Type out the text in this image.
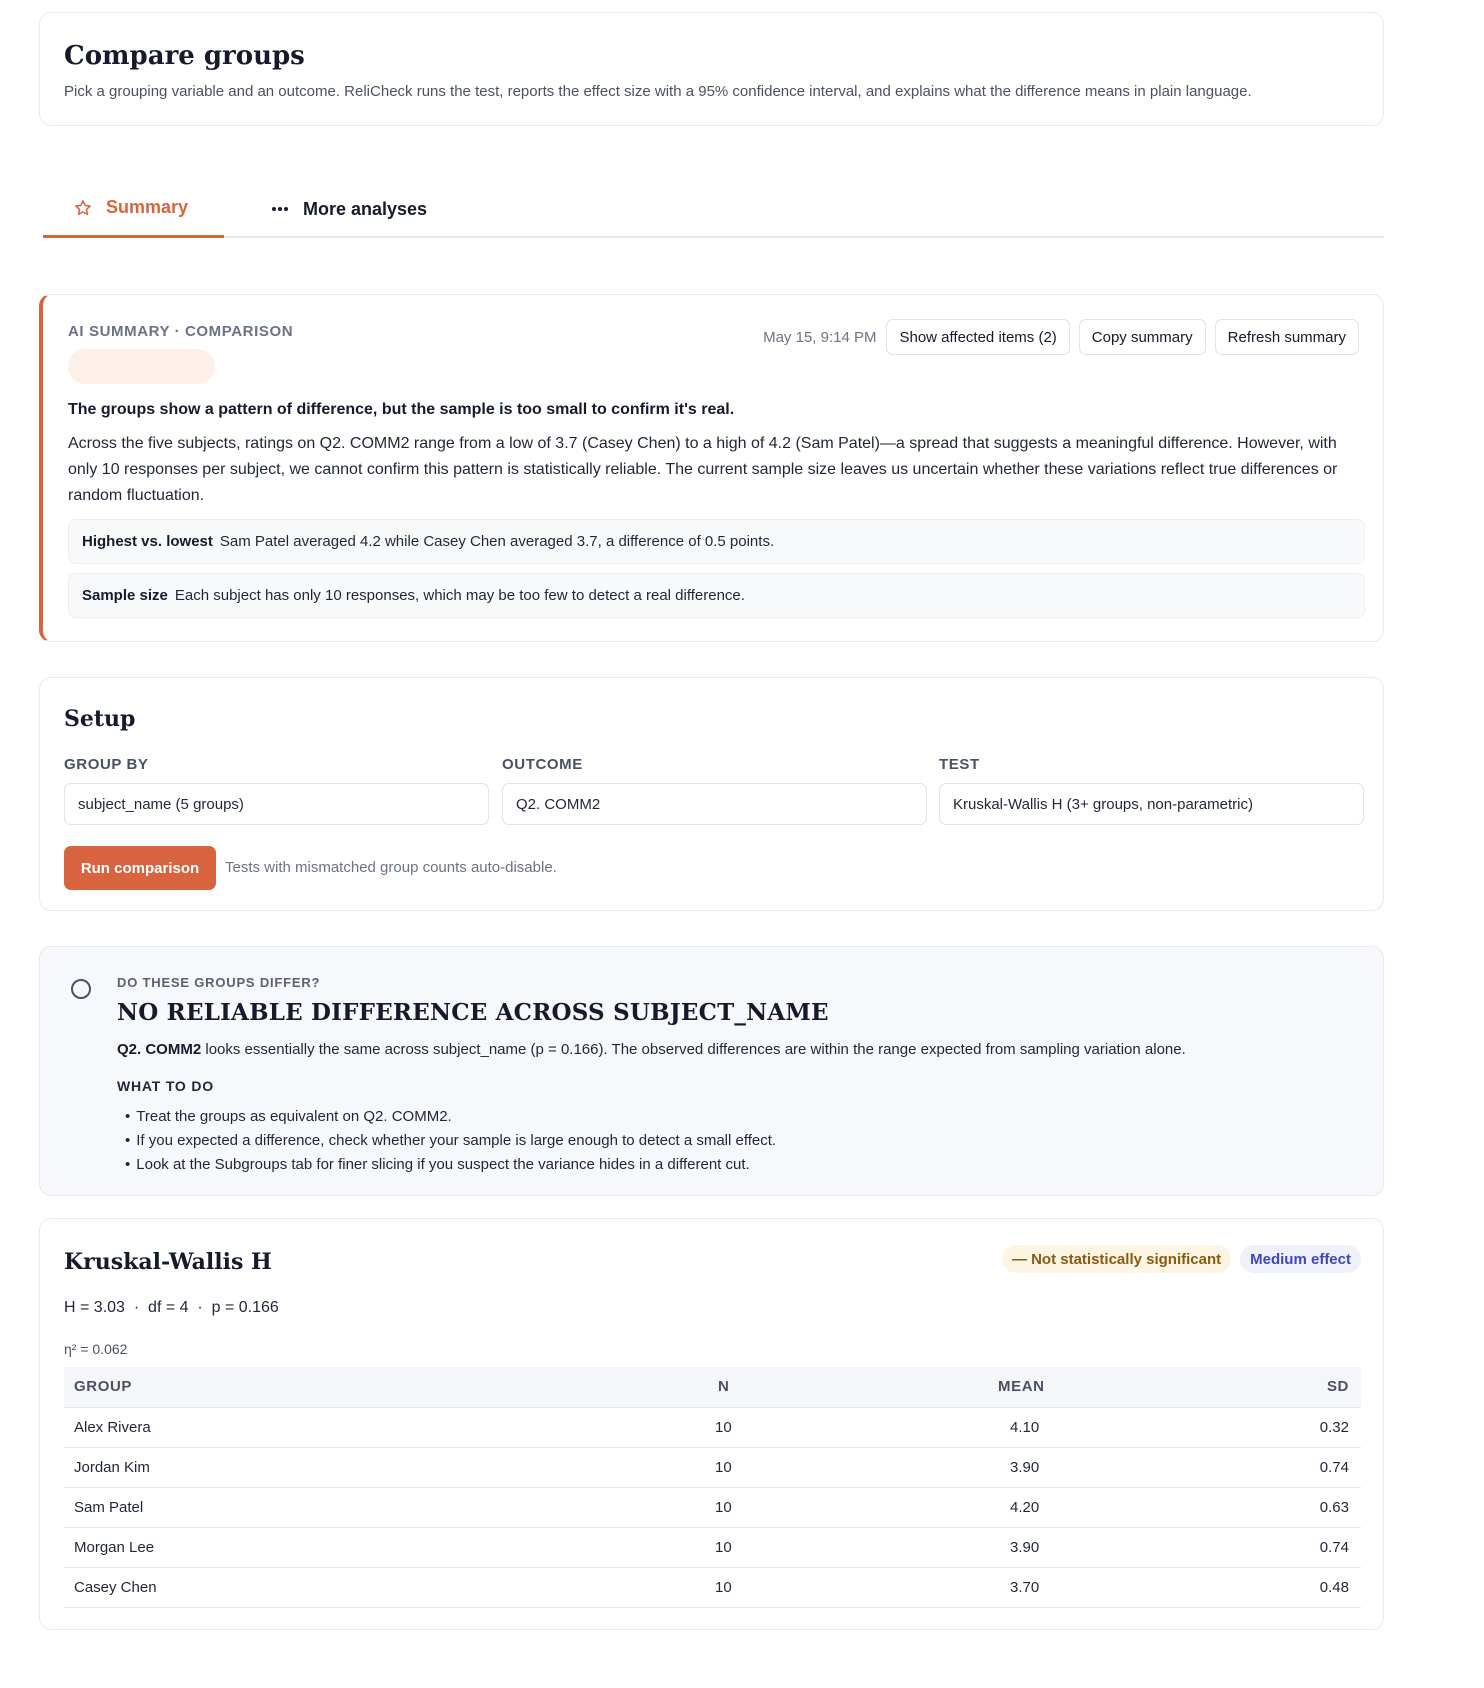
Compare groups

Pick a grouping variable and an outcome. ReliCheck runs the test, reports the effect size with a 95% confidence interval, and explains what the difference means in plain language.

Summary	More analyses
AI SUMMARY · COMPARISON	May 15, 9:14 PM	Show affected items (2)	Copy summary	Refresh summary
The groups show a pattern of difference, but the sample is too small to confirm it's real.
Across the five subjects, ratings on Q2. COMM2 range from a low of 3.7 (Casey Chen) to a high of 4.2 (Sam Patel)—a spread that suggests a meaningful difference. However, with only 10 responses per subject, we cannot confirm this pattern is statistically reliable. The current sample size leaves us uncertain whether these variations reflect true differences or random fluctuation.
Highest vs. lowest Sam Patel averaged 4.2 while Casey Chen averaged 3.7, a difference of 0.5 points.
Sample size Each subject has only 10 responses, which may be too few to detect a real difference.
Setup
GROUP BY
subject_name (5 groups)
OUTCOME
Q2. COMM2
TEST
Kruskal-Wallis H (3+ groups, non-parametric)
Run comparison	Tests with mismatched group counts auto-disable.
DO THESE GROUPS DIFFER?
NO RELIABLE DIFFERENCE ACROSS SUBJECT_NAME
Q2. COMM2 looks essentially the same across subject_name (p = 0.166). The observed differences are within the range expected from sampling variation alone.
WHAT TO DO
• Treat the groups as equivalent on Q2. COMM2.
• If you expected a difference, check whether your sample is large enough to detect a small effect.
• Look at the Subgroups tab for finer slicing if you suspect the variance hides in a different cut.
Kruskal-Wallis H	— Not statistically significant	Medium effect
H = 3.03  ·  df = 4  ·  p = 0.166
η² = 0.062
GROUP	N	MEAN	SD
Alex Rivera	10	4.10	0.32
Jordan Kim	10	3.90	0.74
Sam Patel	10	4.20	0.63
Morgan Lee	10	3.90	0.74
Casey Chen	10	3.70	0.48
